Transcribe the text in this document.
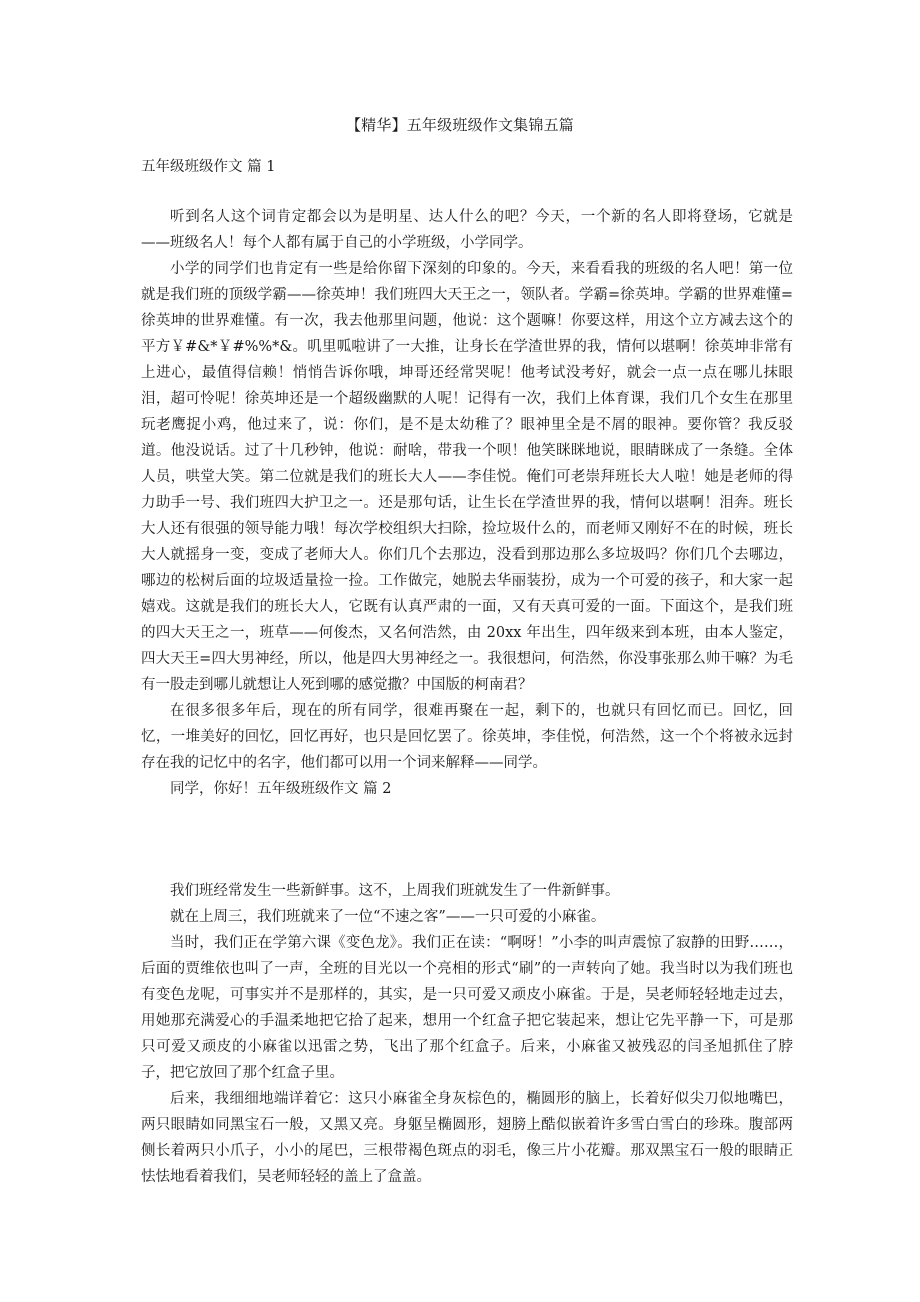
【精华】五年级班级作文集锦五篇
五年级班级作文 篇 1

听到名人这个词肯定都会以为是明星、达人什么的吧？今天，一个新的名人即将登场，它就是——班级名人！每个人都有属于自己的小学班级，小学同学。

小学的同学们也肯定有一些是给你留下深刻的印象的。今天，来看看我的班级的名人吧！第一位就是我们班的顶级学霸——徐英坤！我们班四大天王之一，领队者。学霸=徐英坤。学霸的世界难懂=徐英坤的世界难懂。有一次，我去他那里问题，他说：这个题嘛！你要这样，用这个立方减去这个的平方￥#&*￥#%%*&。叽里呱啦讲了一大推，让身长在学渣世界的我，情何以堪啊！徐英坤非常有上进心，最值得信赖！悄悄告诉你哦，坤哥还经常哭呢！他考试没考好，就会一点一点在哪儿抹眼泪，超可怜呢！徐英坤还是一个超级幽默的人呢！记得有一次，我们上体育课，我们几个女生在那里玩老鹰捉小鸡，他过来了，说：你们，是不是太幼稚了？眼神里全是不屑的眼神。要你管？我反驳道。他没说话。过了十几秒钟，他说：耐啥，带我一个呗！他笑眯眯地说，眼睛眯成了一条缝。全体人员，哄堂大笑。第二位就是我们的班长大人——李佳悦。俺们可老崇拜班长大人啦！她是老师的得力助手一号、我们班四大护卫之一。还是那句话，让生长在学渣世界的我，情何以堪啊！泪奔。班长大人还有很强的领导能力哦！每次学校组织大扫除，捡垃圾什么的，而老师又刚好不在的时候，班长大人就摇身一变，变成了老师大人。你们几个去那边，没看到那边那么多垃圾吗？你们几个去哪边，哪边的松树后面的垃圾适量捡一捡。工作做完，她脱去华丽装扮，成为一个可爱的孩子，和大家一起嬉戏。这就是我们的班长大人，它既有认真严肃的一面，又有天真可爱的一面。下面这个，是我们班的四大天王之一，班草——何俊杰，又名何浩然，由 20xx 年出生，四年级来到本班，由本人鉴定，四大天王=四大男神经，所以，他是四大男神经之一。我很想问，何浩然，你没事张那么帅干嘛？为毛有一股走到哪儿就想让人死到哪的感觉撒？中国版的柯南君？

在很多很多年后，现在的所有同学，很难再聚在一起，剩下的，也就只有回忆而已。回忆，回忆，一堆美好的回忆，回忆再好，也只是回忆罢了。徐英坤，李佳悦，何浩然，这一个个将被永远封存在我的记忆中的名字，他们都可以用一个词来解释——同学。

同学，你好！五年级班级作文 篇 2

我们班经常发生一些新鲜事。这不，上周我们班就发生了一件新鲜事。

就在上周三，我们班就来了一位“不速之客”——一只可爱的小麻雀。

当时，我们正在学第六课《变色龙》。我们正在读：“啊呀！”小李的叫声震惊了寂静的田野……，后面的贾维依也叫了一声，全班的目光以一个亮相的形式“刷”的一声转向了她。我当时以为我们班也有变色龙呢，可事实并不是那样的，其实，是一只可爱又顽皮小麻雀。于是，吴老师轻轻地走过去，用她那充满爱心的手温柔地把它拾了起来，想用一个红盒子把它装起来，想让它先平静一下，可是那只可爱又顽皮的小麻雀以迅雷之势，飞出了那个红盒子。后来，小麻雀又被残忍的闫圣旭抓住了脖子，把它放回了那个红盒子里。

后来，我细细地端详着它：这只小麻雀全身灰棕色的，椭圆形的脑上，长着好似尖刀似地嘴巴，两只眼睛如同黑宝石一般，又黑又亮。身躯呈椭圆形，翅膀上酷似嵌着许多雪白雪白的珍珠。腹部两侧长着两只小爪子，小小的尾巴，三根带褐色斑点的羽毛，像三片小花瓣。那双黑宝石一般的眼睛正怯怯地看着我们，吴老师轻轻的盖上了盒盖。
